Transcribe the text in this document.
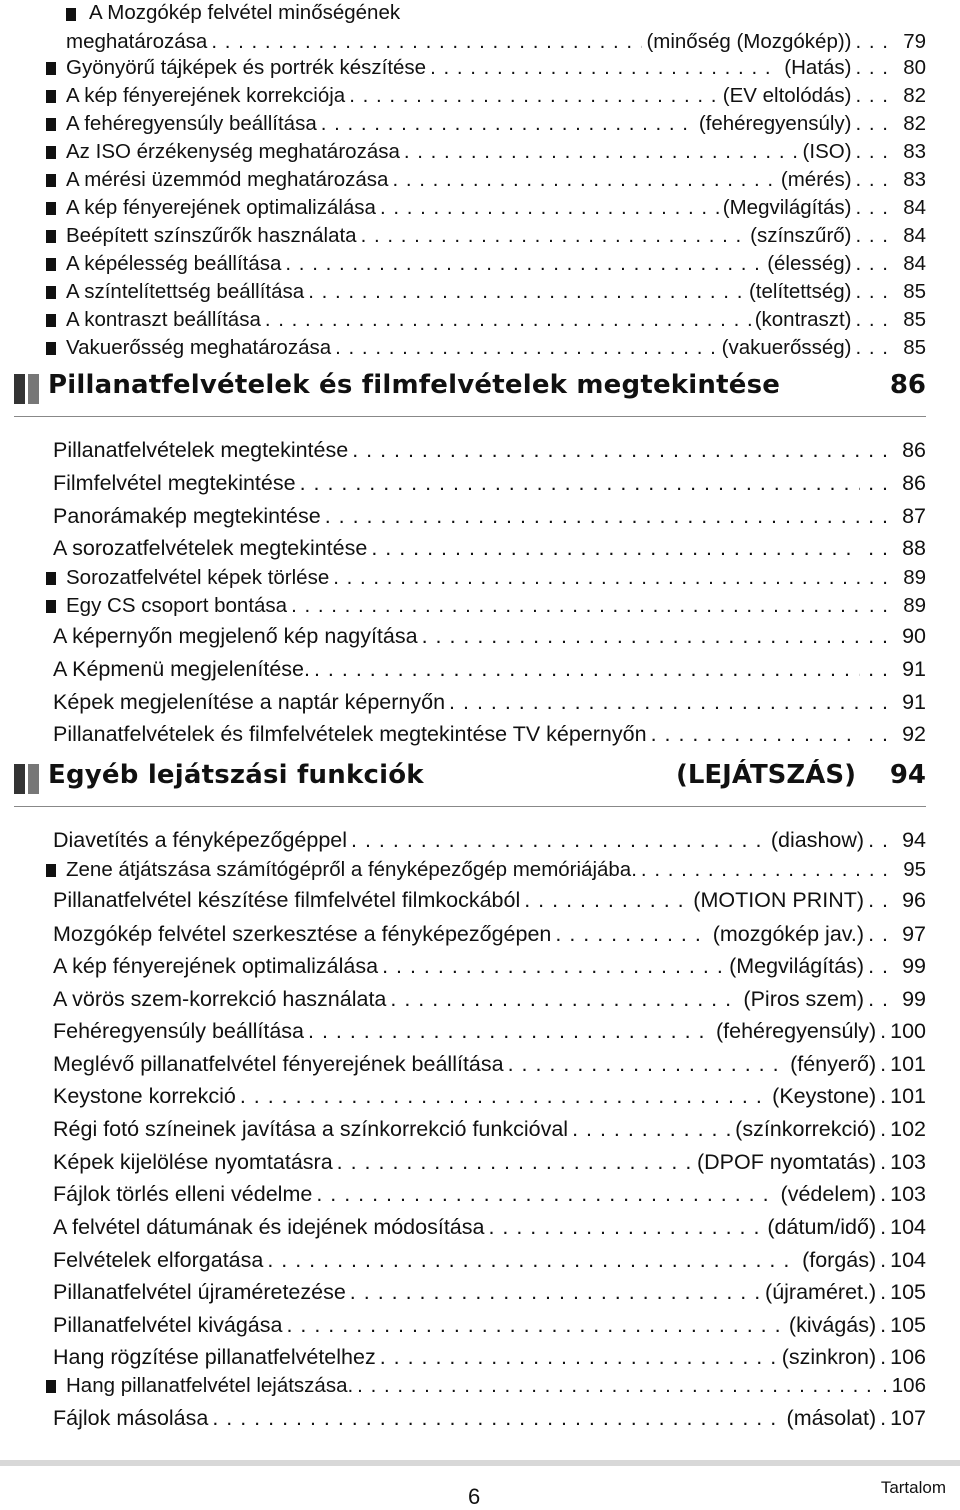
A Mozgókép felvétel minőségének
meghatározása . . .	(minőség (Mozgókép)) . . . 79
Gyönyörű tájképek és portrék készítése . . .	(Hatás) . . . 80
A kép fényerejének korrekciója . . .	(EV eltolódás) . . . 82
A fehéregyensúly beállítása . . .	(fehéregyensúly) . . . 82
Az ISO érzékenység meghatározása . . .	(ISO) . . . 83
A mérési üzemmód meghatározása . . .	(mérés) . . . 83
A kép fényerejének optimalizálása . . .	(Megvilágítás) . . . 84
Beépített színszűrők használata . . .	(színszűrő) . . . 84
A képélesség beállítása . . .	(élesség) . . . 84
A színtelítettség beállítása . . .	(telítettség) . . . 85
A kontraszt beállítása . . .	(kontraszt) . . . 85
Vakuerősség meghatározása . . .	(vakuerősség) . . . 85
Pillanatfelvételek és filmfelvételek megtekintése	86
Pillanatfelvételek megtekintése . . .	. . 86
Filmfelvétel megtekintése . . .	. . 86
Panorámakép megtekintése . . .	. . 87
A sorozatfelvételek megtekintése . . .	. . 88
Sorozatfelvétel képek törlése . . .	. . 89
Egy CS csoport bontása . . .	. . 89
A képernyőn megjelenő kép nagyítása . . .	. . 90
A Képmenü megjelenítése. . . .	. . 91
Képek megjelenítése a naptár képernyőn . . .	. . 91
Pillanatfelvételek és filmfelvételek megtekintése TV képernyőn . . .	. . 92
Egyéb lejátszási funkciók	(LEJÁTSZÁS) 94
Diavetítés a fényképezőgéppel . . .	(diashow) . . 94
Zene átjátszása számítógépről a fényképezőgép memóriájába. . . .	. . 95
Pillanatfelvétel készítése filmfelvétel filmkockából . . .	(MOTION PRINT) . . 96
Mozgókép felvétel szerkesztése a fényképezőgépen . . .	(mozgókép jav.) . . 97
A kép fényerejének optimalizálása . . .	(Megvilágítás) . . 99
A vörös szem-korrekció használata . . .	(Piros szem) . . 99
Fehéregyensúly beállítása . . .	(fehéregyensúly) . 100
Meglévő pillanatfelvétel fényerejének beállítása . . .	(fényerő) . 101
Keystone korrekció . . .	(Keystone) . 101
Régi fotó színeinek javítása a színkorrekció funkcióval . . .	(színkorrekció) . 102
Képek kijelölése nyomtatásra . . .	(DPOF nyomtatás) . 103
Fájlok törlés elleni védelme . . .	(védelem) . 103
A felvétel dátumának és idejének módosítása . . .	(dátum/idő) . 104
Felvételek elforgatása . . .	(forgás) . 104
Pillanatfelvétel újraméretezése . . .	(újraméret.) . 105
Pillanatfelvétel kivágása . . .	(kivágás) . 105
Hang rögzítése pillanatfelvételhez . . .	(szinkron) . 106
Hang pillanatfelvétel lejátszása. . . .	. 106
Fájlok másolása . . .	(másolat) . 107
6	Tartalom
